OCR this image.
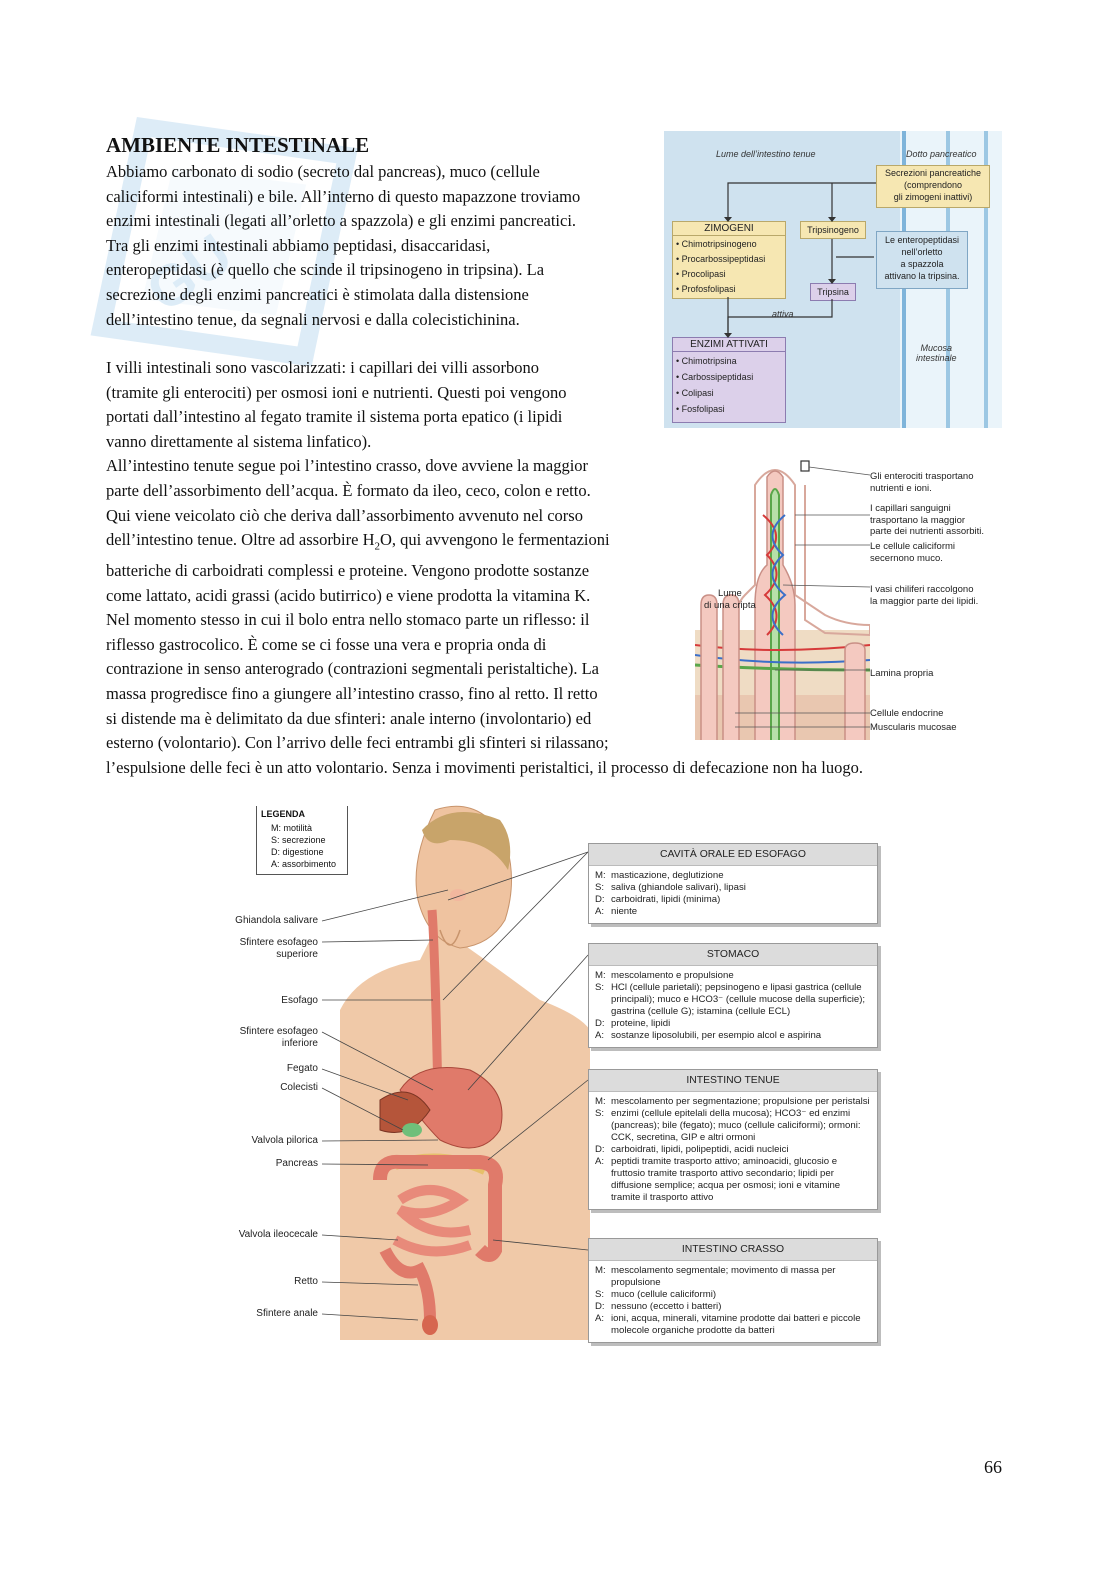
GU
AMBIENTE INTESTINALE
Abbiamo carbonato di sodio (secreto dal pancreas), muco (cellule
caliciformi intestinali) e bile. All’interno di questo mapazzone troviamo
enzimi intestinali (legati all’orletto a spazzola) e gli enzimi pancreatici.
Tra gli enzimi intestinali abbiamo peptidasi, disaccaridasi,
enteropeptidasi (è quello che scinde il tripsinogeno in tripsina). La
secrezione degli enzimi pancreatici è stimolata dalla distensione
dell’intestino tenue, da segnali nervosi e dalla colecistichinina.
I villi intestinali sono vascolarizzati: i capillari dei villi assorbono
(tramite gli enterociti) per osmosi ioni e nutrienti. Questi poi vengono
portati dall’intestino al fegato tramite il sistema porta epatico (i lipidi
vanno direttamente al sistema linfatico).
All’intestino tenute segue poi l’intestino crasso, dove avviene la maggior
parte dell’assorbimento dell’acqua. È formato da ileo, ceco, colon e retto.
Qui viene veicolato ciò che deriva dall’assorbimento avvenuto nel corso
dell’intestino tenue. Oltre ad assorbire $H_2O$, qui avvengono le fermentazioni
batteriche di carboidrati complessi e proteine. Vengono prodotte sostanze
come lattato, acidi grassi (acido butirrico) e viene prodotta la vitamina K.
Nel momento stesso in cui il bolo entra nello stomaco parte un riflesso: il
riflesso gastrocolico. È come se ci fosse una vera e propria onda di
contrazione in senso anterogrado (contrazioni segmentali peristaltiche). La
massa progredisce fino a giungere all’intestino crasso, fino al retto. Il retto
si distende ma è delimitato da due sfinteri: anale interno (involontario) ed
esterno (volontario). Con l’arrivo delle feci entrambi gli sfinteri si rilassano;
l’espulsione delle feci è un atto volontario. Senza i movimenti peristaltici, il processo di defecazione non ha luogo.
Lume dell’intestino tenue	Dotto pancreatico
Secrezioni pancreatiche
(comprendono
gli zimogeni inattivi)
ZIMOGENI
• Chimotripsinogeno
• Procarbossipeptidasi
• Procolipasi
• Profosfolipasi
Tripsinogeno
Tripsina
Le enteropeptidasi
nell’orletto
a spazzola
attivano la tripsina.
attiva
ENZIMI ATTIVATI
• Chimotripsina
• Carbossipeptidasi
• Colipasi
• Fosfolipasi
Mucosa
intestinale
Gli enterociti trasportano
nutrienti e ioni.
I capillari sanguigni
trasportano la maggior
parte dei nutrienti assorbiti.
Le cellule caliciformi
secernono muco.
I vasi chiliferi raccolgono
la maggior parte dei lipidi.
Lamina propria
Cellule endocrine
Muscularis mucosae
Lume
di una cripta
LEGENDA
M: motilità
S: secrezione
D: digestione
A: assorbimento
Ghiandola salivare
Sfintere esofageo
superiore
Esofago
Sfintere esofageo
inferiore
Fegato
Colecisti
Valvola pilorica
Pancreas
Valvola ileocecale
Retto
Sfintere anale
CAVITÀ ORALE ED ESOFAGO
M: masticazione, deglutizione
S: saliva (ghiandole salivari), lipasi
D: carboidrati, lipidi (minima)
A: niente
STOMACO
M: mescolamento e propulsione
S: HCl (cellule parietali); pepsinogeno e lipasi gastrica (cellule principali); muco e HCO3⁻ (cellule mucose della superficie); gastrina (cellule G); istamina (cellule ECL)
D: proteine, lipidi
A: sostanze liposolubili, per esempio alcol e aspirina
INTESTINO TENUE
M: mescolamento per segmentazione; propulsione per peristalsi
S: enzimi (cellule epitelali della mucosa); HCO3⁻ ed enzimi (pancreas); bile (fegato); muco (cellule caliciformi); ormoni: CCK, secretina, GIP e altri ormoni
D: carboidrati, lipidi, polipeptidi, acidi nucleici
A: peptidi tramite trasporto attivo; aminoacidi, glucosio e fruttosio tramite trasporto attivo secondario; lipidi per diffusione semplice; acqua per osmosi; ioni e vitamine tramite il trasporto attivo
INTESTINO CRASSO
M: mescolamento segmentale; movimento di massa per propulsione
S: muco (cellule caliciformi)
D: nessuno (eccetto i batteri)
A: ioni, acqua, minerali, vitamine prodotte dai batteri e piccole molecole organiche prodotte da batteri
66
